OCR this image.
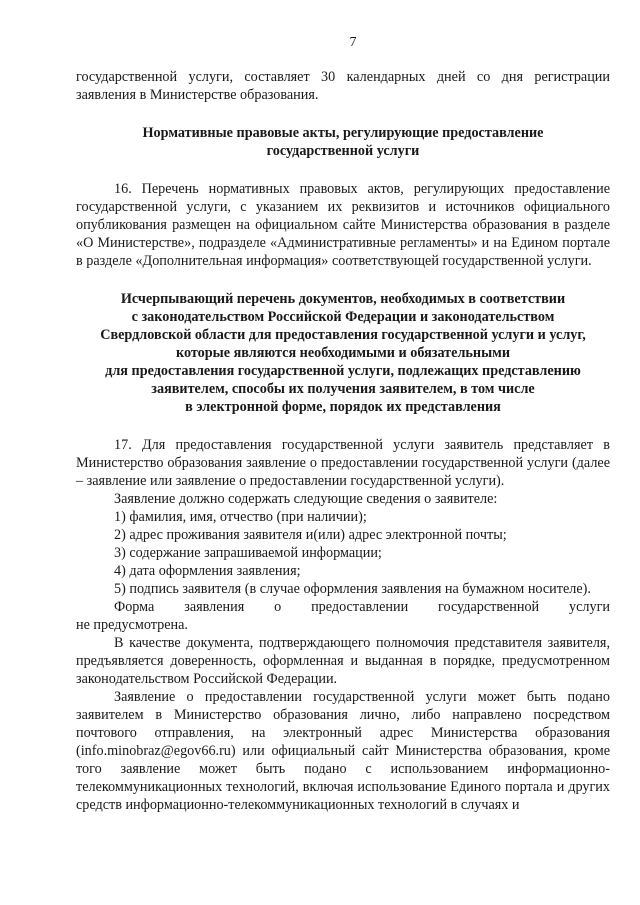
7

государственной услуги, составляет 30 календарных дней со дня регистрации заявления в Министерстве образования.

Нормативные правовые акты, регулирующие предоставление
государственной услуги

16. Перечень нормативных правовых актов, регулирующих предоставление государственной услуги, с указанием их реквизитов и источников официального опубликования размещен на официальном сайте Министерства образования в разделе «О Министерстве», подразделе «Административные регламенты» и на Едином портале в разделе «Дополнительная информация» соответствующей государственной услуги.

Исчерпывающий перечень документов, необходимых в соответствии
с законодательством Российской Федерации и законодательством
Свердловской области для предоставления государственной услуги и услуг,
которые являются необходимыми и обязательными
для предоставления государственной услуги, подлежащих представлению
заявителем, способы их получения заявителем, в том числе
в электронной форме, порядок их представления

17. Для предоставления государственной услуги заявитель представляет в Министерство образования заявление о предоставлении государственной услуги (далее – заявление или заявление о предоставлении государственной услуги).

Заявление должно содержать следующие сведения о заявителе:

1) фамилия, имя, отчество (при наличии);

2) адрес проживания заявителя и(или) адрес электронной почты;

3) содержание запрашиваемой информации;

4) дата оформления заявления;

5) подпись заявителя (в случае оформления заявления на бумажном носителе).

Форма заявления о предоставлении государственной услуги

не предусмотрена.

В качестве документа, подтверждающего полномочия представителя заявителя, предъявляется доверенность, оформленная и выданная в порядке, предусмотренном законодательством Российской Федерации.

Заявление о предоставлении государственной услуги может быть подано заявителем в Министерство образования лично, либо направлено посредством почтового отправления, на электронный адрес Министерства образования (info.minobraz@egov66.ru) или официальный сайт Министерства образования, кроме того заявление может быть подано с использованием информационно-телекоммуникационных технологий, включая использование Единого портала и других средств информационно-телекоммуникационных технологий в случаях и
